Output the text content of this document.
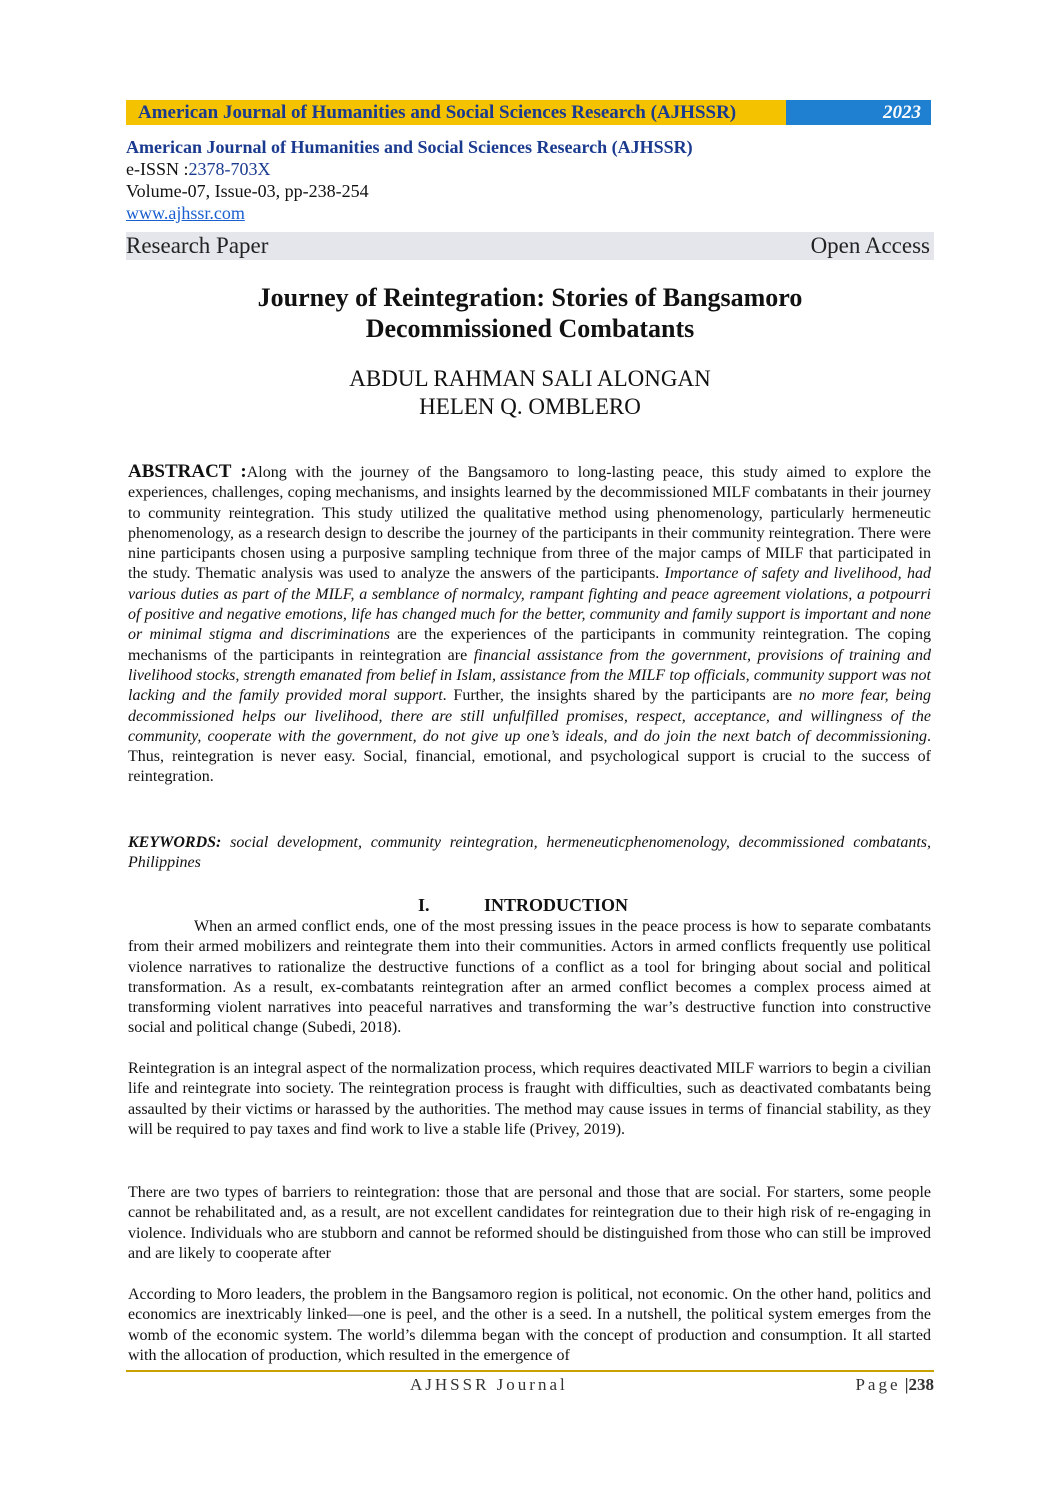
American Journal of Humanities and Social Sciences Research (AJHSSR)	2023
American Journal of Humanities and Social Sciences Research (AJHSSR)
e-ISSN :2378-703X
Volume-07, Issue-03, pp-238-254
www.ajhssr.com
Research Paper	Open Access
Journey of Reintegration: Stories of Bangsamoro
Decommissioned Combatants
ABDUL RAHMAN SALI ALONGAN
HELEN Q. OMBLERO
ABSTRACT :Along with the journey of the Bangsamoro to long-lasting peace, this study aimed to explore the experiences, challenges, coping mechanisms, and insights learned by the decommissioned MILF combatants in their journey to community reintegration. This study utilized the qualitative method using phenomenology, particularly hermeneutic phenomenology, as a research design to describe the journey of the participants in their community reintegration. There were nine participants chosen using a purposive sampling technique from three of the major camps of MILF that participated in the study. Thematic analysis was used to analyze the answers of the participants. Importance of safety and livelihood, had various duties as part of the MILF, a semblance of normalcy, rampant fighting and peace agreement violations, a potpourri of positive and negative emotions, life has changed much for the better, community and family support is important and none or minimal stigma and discriminations are the experiences of the participants in community reintegration. The coping mechanisms of the participants in reintegration are financial assistance from the government, provisions of training and livelihood stocks, strength emanated from belief in Islam, assistance from the MILF top officials, community support was not lacking and the family provided moral support. Further, the insights shared by the participants are no more fear, being decommissioned helps our livelihood, there are still unfulfilled promises, respect, acceptance, and willingness of the community, cooperate with the government, do not give up one’s ideals, and do join the next batch of decommissioning. Thus, reintegration is never easy. Social, financial, emotional, and psychological support is crucial to the success of reintegration.
KEYWORDS: social development, community reintegration, hermeneuticphenomenology, decommissioned combatants, Philippines
I.	INTRODUCTION
When an armed conflict ends, one of the most pressing issues in the peace process is how to separate combatants from their armed mobilizers and reintegrate them into their communities. Actors in armed conflicts frequently use political violence narratives to rationalize the destructive functions of a conflict as a tool for bringing about social and political transformation. As a result, ex-combatants reintegration after an armed conflict becomes a complex process aimed at transforming violent narratives into peaceful narratives and transforming the war’s destructive function into constructive social and political change (Subedi, 2018).
Reintegration is an integral aspect of the normalization process, which requires deactivated MILF warriors to begin a civilian life and reintegrate into society. The reintegration process is fraught with difficulties, such as deactivated combatants being assaulted by their victims or harassed by the authorities. The method may cause issues in terms of financial stability, as they will be required to pay taxes and find work to live a stable life (Privey, 2019).
There are two types of barriers to reintegration: those that are personal and those that are social. For starters, some people cannot be rehabilitated and, as a result, are not excellent candidates for reintegration due to their high risk of re-engaging in violence. Individuals who are stubborn and cannot be reformed should be distinguished from those who can still be improved and are likely to cooperate after
According to Moro leaders, the problem in the Bangsamoro region is political, not economic. On the other hand, politics and economics are inextricably linked—one is peel, and the other is a seed. In a nutshell, the political system emerges from the womb of the economic system. The world’s dilemma began with the concept of production and consumption. It all started with the allocation of production, which resulted in the emergence of
AJHSSR Journal	Page |238
